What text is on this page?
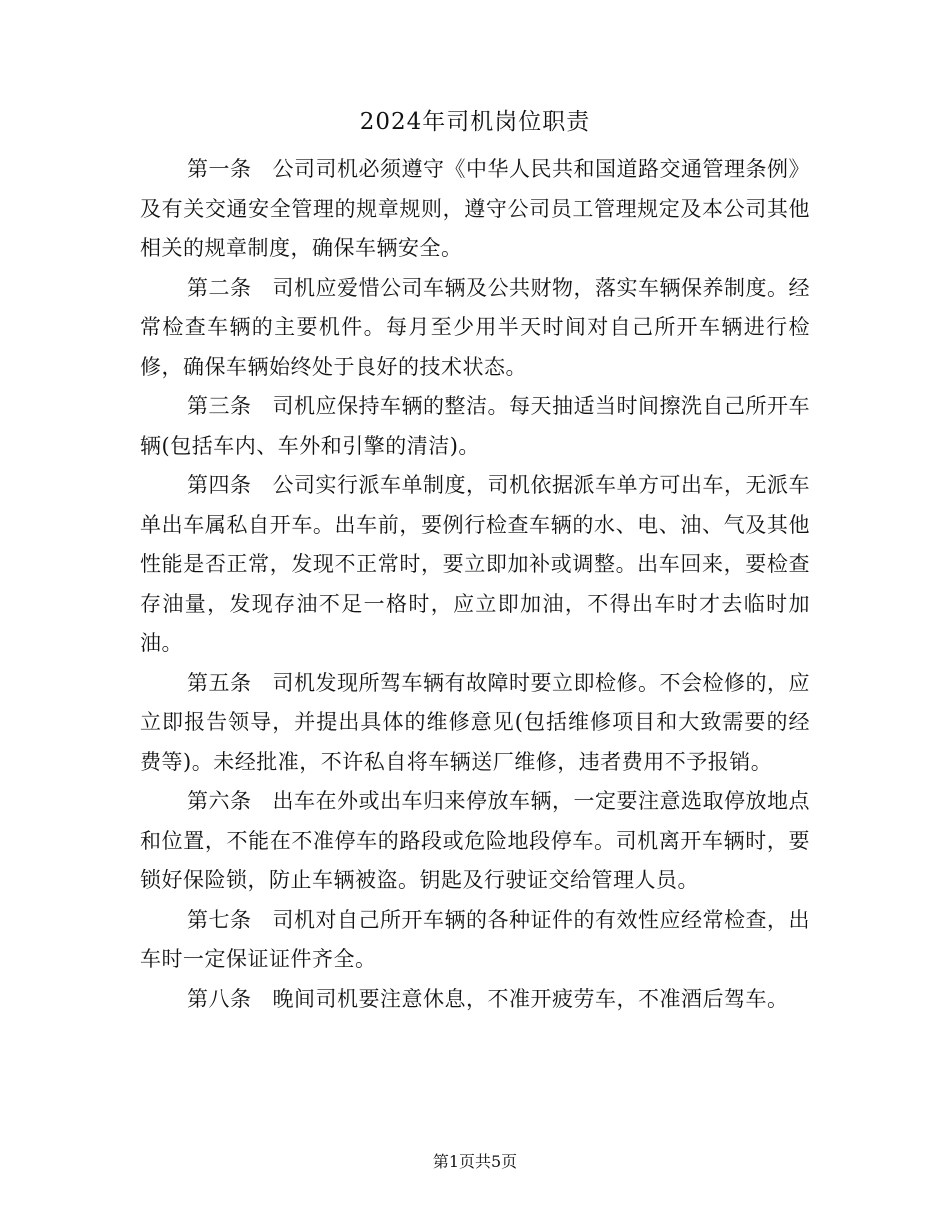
2024年司机岗位职责

第一条 公司司机必须遵守《中华人民共和国道路交通管理条例》及有关交通安全管理的规章规则，遵守公司员工管理规定及本公司其他相关的规章制度，确保车辆安全。

第二条 司机应爱惜公司车辆及公共财物，落实车辆保养制度。经常检查车辆的主要机件。每月至少用半天时间对自己所开车辆进行检修，确保车辆始终处于良好的技术状态。

第三条 司机应保持车辆的整洁。每天抽适当时间擦洗自己所开车辆(包括车内、车外和引擎的清洁)。

第四条 公司实行派车单制度，司机依据派车单方可出车，无派车单出车属私自开车。出车前，要例行检查车辆的水、电、油、气及其他性能是否正常，发现不正常时，要立即加补或调整。出车回来，要检查存油量，发现存油不足一格时，应立即加油，不得出车时才去临时加油。

第五条 司机发现所驾车辆有故障时要立即检修。不会检修的，应立即报告领导，并提出具体的维修意见(包括维修项目和大致需要的经费等)。未经批准，不许私自将车辆送厂维修，违者费用不予报销。

第六条 出车在外或出车归来停放车辆，一定要注意选取停放地点和位置，不能在不准停车的路段或危险地段停车。司机离开车辆时，要锁好保险锁，防止车辆被盗。钥匙及行驶证交给管理人员。

第七条 司机对自己所开车辆的各种证件的有效性应经常检查，出车时一定保证证件齐全。

第八条 晚间司机要注意休息，不准开疲劳车，不准酒后驾车。

第1页共5页
